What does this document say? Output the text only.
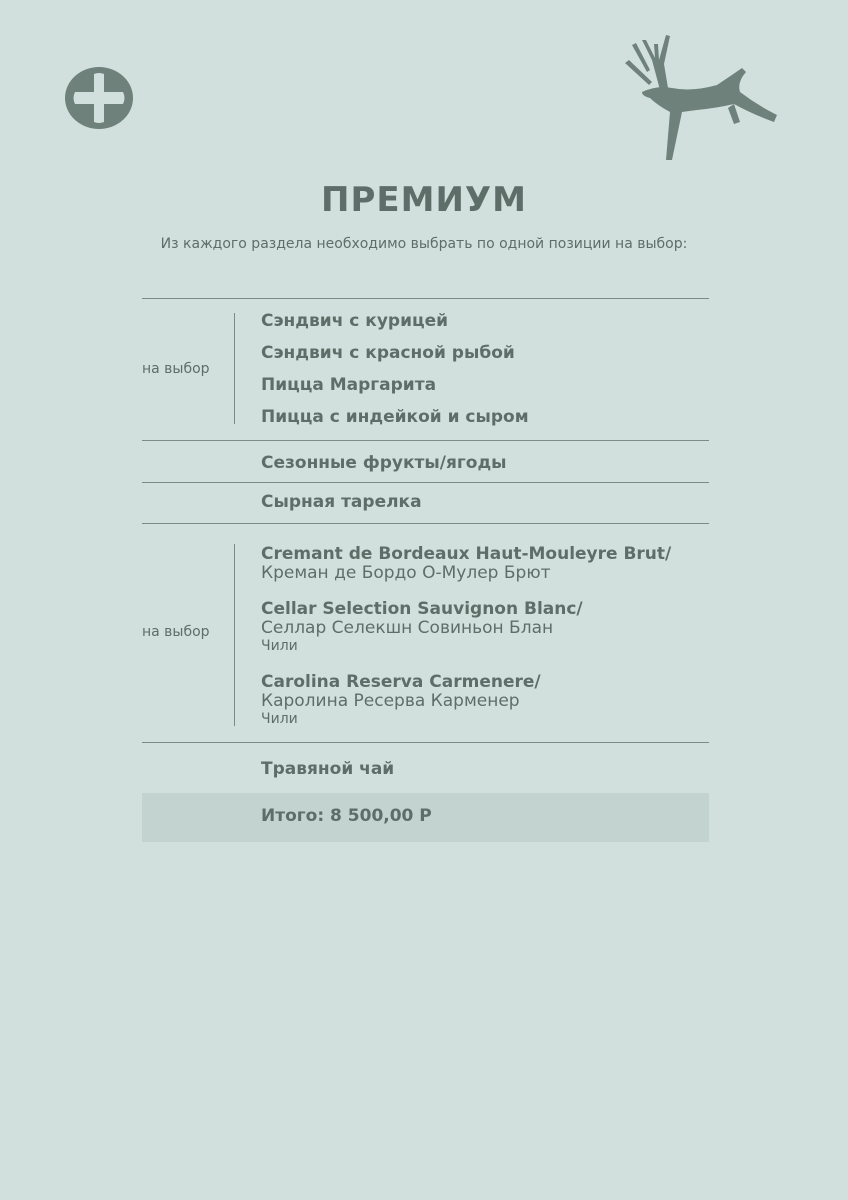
ПРЕМИУМ
Из каждого раздела необходимо выбрать по одной позиции на выбор:
на выбор
Сэндвич с курицей
Сэндвич с красной рыбой
Пицца Маргарита
Пицца с индейкой и сыром
Сезонные фрукты/ягоды
Сырная тарелка
на выбор
Cremant de Bordeaux Haut-Mouleyre Brut/
Креман де Бордо О-Мулер Брют
Cellar Selection Sauvignon Blanc/
Селлар Селекшн Совиньон Блан
Чили
Carolina Reserva Carmenere/
Каролина Ресерва Карменер
Чили
Травяной чай
Итого: 8 500,00 Р
